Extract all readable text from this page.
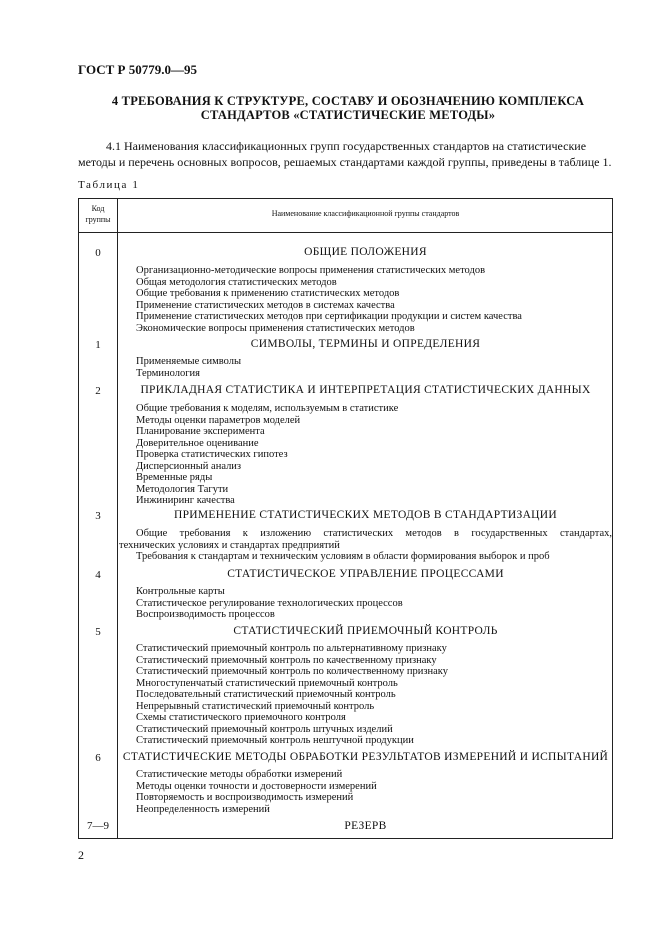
ГОСТ Р 50779.0—95
4 ТРЕБОВАНИЯ К СТРУКТУРЕ, СОСТАВУ И ОБОЗНАЧЕНИЮ КОМПЛЕКСА
СТАНДАРТОВ «СТАТИСТИЧЕСКИЕ МЕТОДЫ»
4.1 Наименования классификационных групп государственных стандартов на статистические
методы и перечень основных вопросов, решаемых стандартами каждой группы, приведены в таблице 1.
Таблица 1
Код
группы
Наименование классификационной группы стандартов
0	ОБЩИЕ ПОЛОЖЕНИЯ
Организационно-методические вопросы применения статистических методов
Общая методология статистических методов
Общие требования к применению статистических методов
Применение статистических методов в системах качества
Применение статистических методов при сертификации продукции и систем качества
Экономические вопросы применения статистических методов
1	СИМВОЛЫ, ТЕРМИНЫ И ОПРЕДЕЛЕНИЯ
Применяемые символы
Терминология
2	ПРИКЛАДНАЯ СТАТИСТИКА И ИНТЕРПРЕТАЦИЯ СТАТИСТИЧЕСКИХ ДАННЫХ
Общие требования к моделям, используемым в статистике
Методы оценки параметров моделей
Планирование эксперимента
Доверительное оценивание
Проверка статистических гипотез
Дисперсионный анализ
Временные ряды
Методология Тагути
Инжиниринг качества
3	ПРИМЕНЕНИЕ СТАТИСТИЧЕСКИХ МЕТОДОВ В СТАНДАРТИЗАЦИИ
Общие требования к изложению статистических методов в государственных стандартах,
технических условиях и стандартах предприятий
Требования к стандартам и техническим условиям в области формирования выборок и проб
4	СТАТИСТИЧЕСКОЕ УПРАВЛЕНИЕ ПРОЦЕССАМИ
Контрольные карты
Статистическое регулирование технологических процессов
Воспроизводимость процессов
5	СТАТИСТИЧЕСКИЙ ПРИЕМОЧНЫЙ КОНТРОЛЬ
Статистический приемочный контроль по альтернативному признаку
Статистический приемочный контроль по качественному признаку
Статистический приемочный контроль по количественному признаку
Многоступенчатый статистический приемочный контроль
Последовательный статистический приемочный контроль
Непрерывный статистический приемочный контроль
Схемы статистического приемочного контроля
Статистический приемочный контроль штучных изделий
Статистический приемочный контроль нештучной продукции
6	СТАТИСТИЧЕСКИЕ МЕТОДЫ ОБРАБОТКИ РЕЗУЛЬТАТОВ ИЗМЕРЕНИЙ И ИСПЫТАНИЙ
Статистические методы обработки измерений
Методы оценки точности и достоверности измерений
Повторяемость и воспроизводимость измерений
Неопределенность измерений
7—9	РЕЗЕРВ
2
